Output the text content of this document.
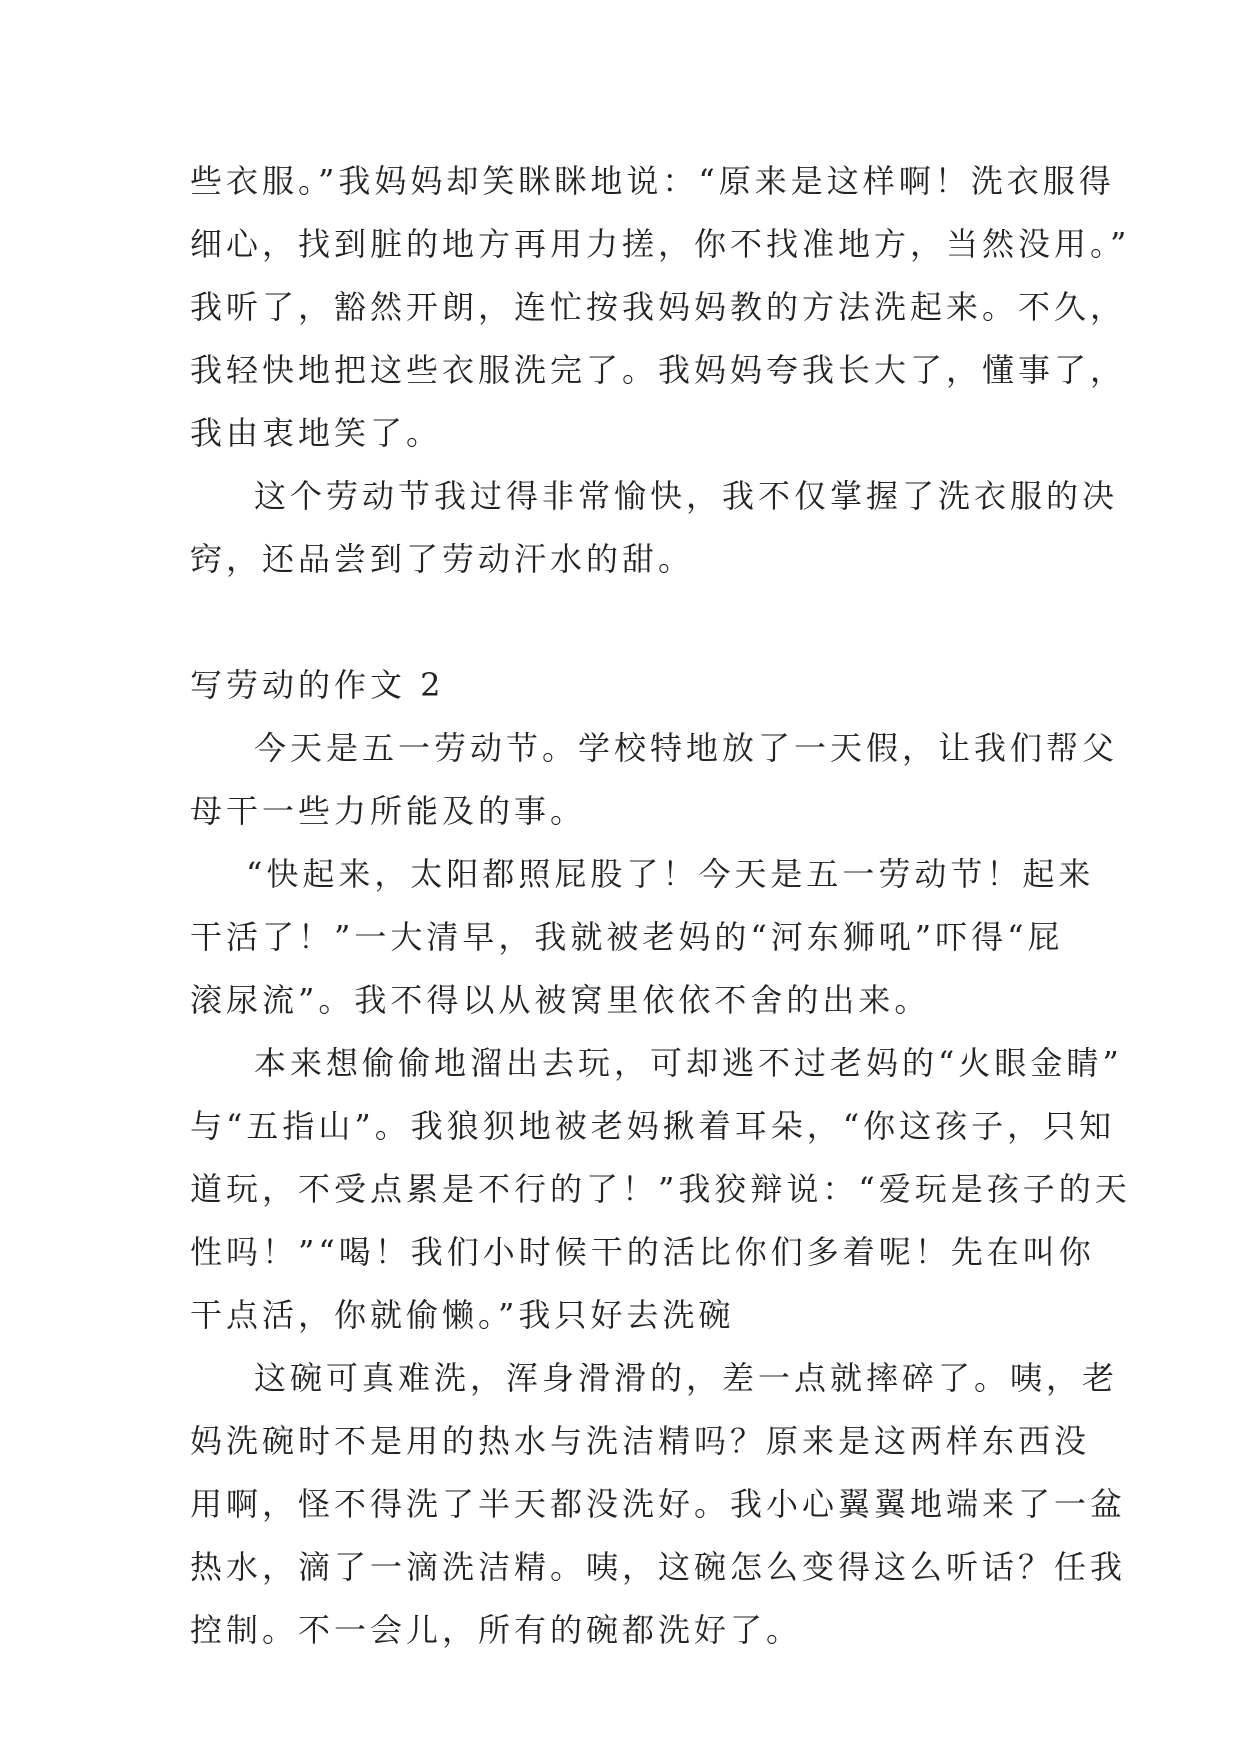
些衣服。”我妈妈却笑眯眯地说：“原来是这样啊！洗衣服得
细心，找到脏的地方再用力搓，你不找准地方，当然没用。”
我听了，豁然开朗，连忙按我妈妈教的方法洗起来。不久，
我轻快地把这些衣服洗完了。我妈妈夸我长大了，懂事了，
我由衷地笑了。
这个劳动节我过得非常愉快，我不仅掌握了洗衣服的决
窍，还品尝到了劳动汗水的甜。
写劳动的作文 2
今天是五一劳动节。学校特地放了一天假，让我们帮父
母干一些力所能及的事。
“快起来，太阳都照屁股了！今天是五一劳动节！起来
干活了！”一大清早，我就被老妈的“河东狮吼”吓得“屁
滚尿流”。我不得以从被窝里依依不舍的出来。
本来想偷偷地溜出去玩，可却逃不过老妈的“火眼金睛”
与“五指山”。我狼狈地被老妈揪着耳朵，“你这孩子，只知
道玩，不受点累是不行的了！”我狡辩说：“爱玩是孩子的天
性吗！”“喝！我们小时候干的活比你们多着呢！先在叫你
干点活，你就偷懒。”我只好去洗碗
这碗可真难洗，浑身滑滑的，差一点就摔碎了。咦，老
妈洗碗时不是用的热水与洗洁精吗？原来是这两样东西没
用啊，怪不得洗了半天都没洗好。我小心翼翼地端来了一盆
热水，滴了一滴洗洁精。咦，这碗怎么变得这么听话？任我
控制。不一会儿，所有的碗都洗好了。
